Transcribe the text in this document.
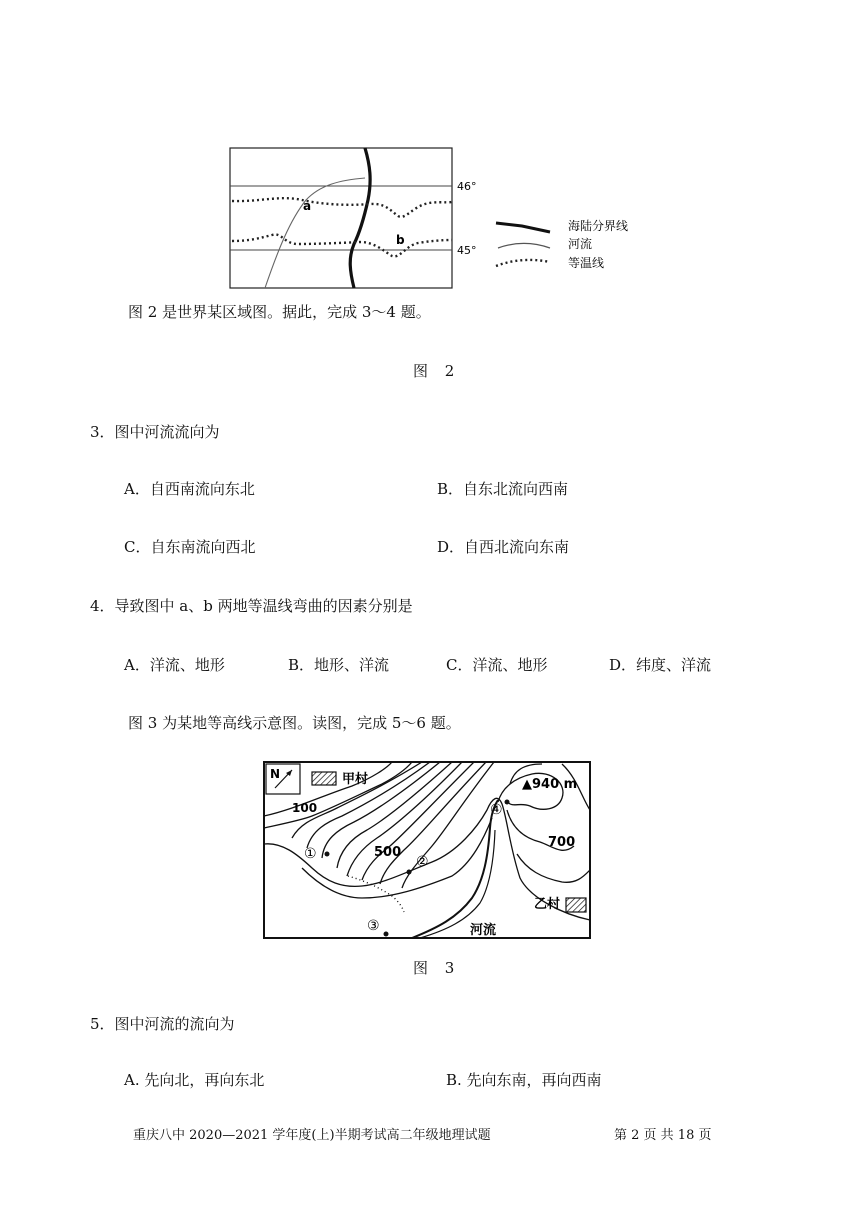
a
b
46°
45°
海陆分界线
河流
等温线
图 2 是世界某区域图。据此，完成 3～4 题。
图 2
3．图中河流流向为
A．自西南流向东北	B．自东北流向西南
C．自东南流向西北	D．自西北流向东南
4．导致图中 a、b 两地等温线弯曲的因素分别是
A．洋流、地形	B．地形、洋流	C．洋流、地形	D．纬度、洋流
图 3 为某地等高线示意图。读图，完成 5～6 题。
N	甲村
100
500
700
▲940 m
①	②
③
④
乙村
河流
图 3
5．图中河流的流向为
A. 先向北，再向东北	B. 先向东南，再向西南
重庆八中 2020—2021 学年度(上)半期考试高二年级地理试题	第 2 页 共 18 页
